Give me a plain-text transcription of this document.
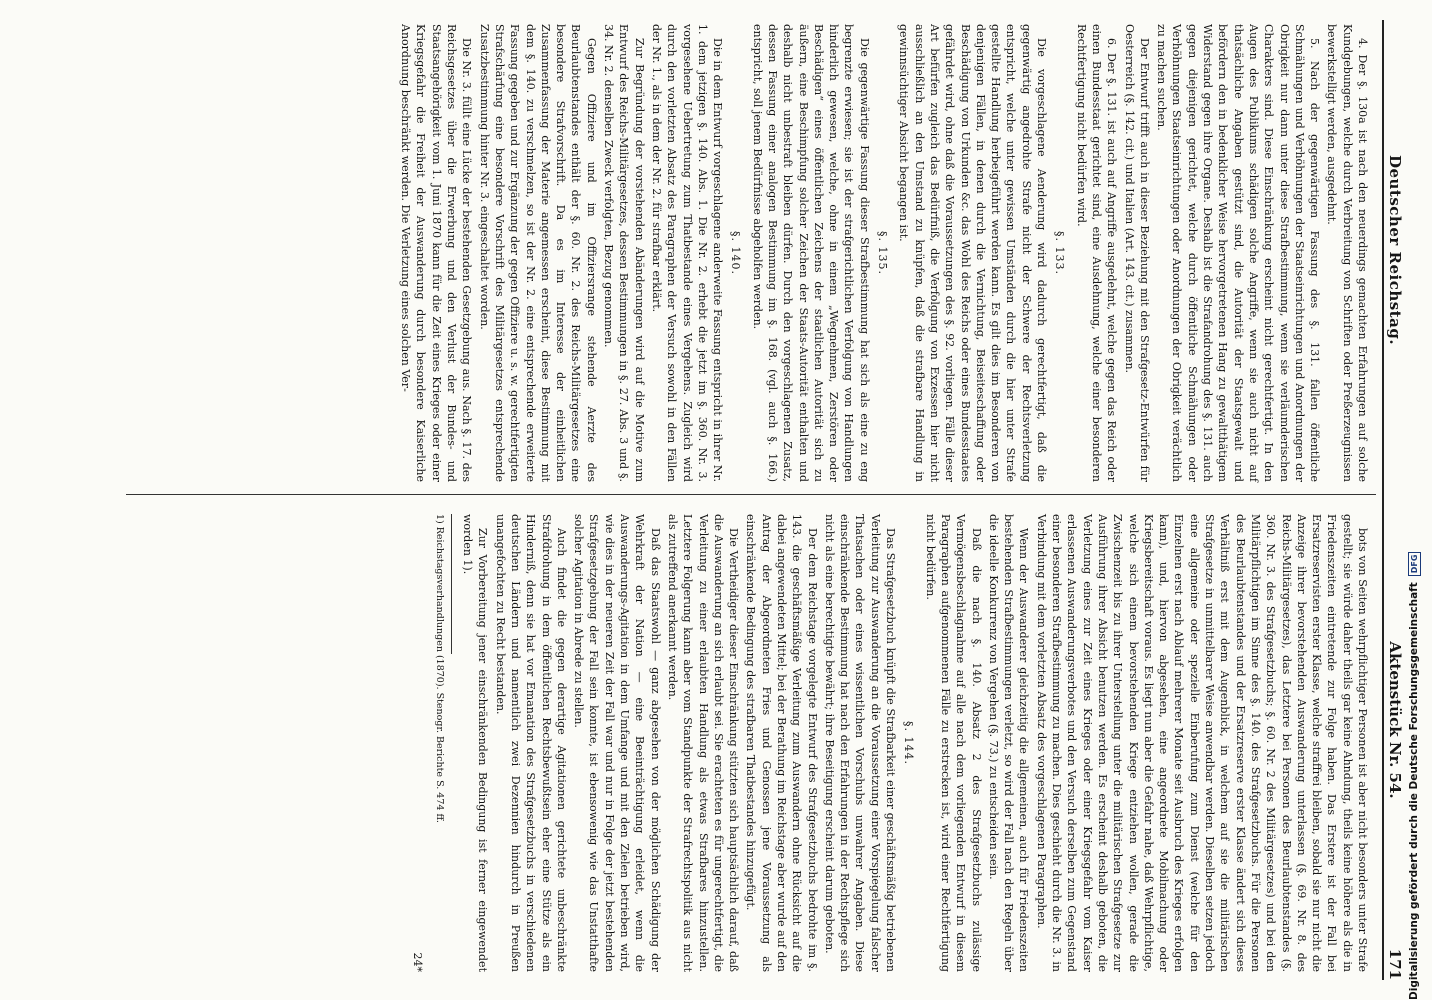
Deutscher Reichstag.
Aktenstück Nr. 54.
171

4. Der §. 130a ist nach den neuerdings gemachten Erfahrungen auf solche Kundgebungen, welche durch Verbreitung von Schriften oder Preßerzeugnissen bewerkstelligt werden, ausgedehnt.

5. Nach der gegenwärtigen Fassung des §. 131. fallen öffentliche Schmähungen und Verhöhnungen der Staatseinrichtungen und Anordnungen der Obrigkeit nur dann unter diese Strafbestimmung, wenn sie verläumderischen Charakters sind. Diese Einschränkung erscheint nicht gerechtfertigt. In den Augen des Publikums schädigen solche Angriffe, wenn sie auch nicht auf thatsächliche Angaben gestützt sind, die Autorität der Staatsgewalt und befördern den in bedenklicher Weise hervorgetretenen Hang zu gewaltthätigem Widerstand gegen ihre Organe. Deshalb ist die Strafandrohung des §. 131. auch gegen diejenigen gerichtet, welche durch öffentliche Schmähungen oder Verhöhnungen Staatseinrichtungen oder Anordnungen der Obrigkeit verächtlich zu machen suchen.

Der Entwurf trifft auch in dieser Beziehung mit den Strafgesetz-Entwürfen für Oesterreich (§. 142. cit.) und Italien (Art. 143. cit.) zusammen.

6. Der §. 131. ist auch auf Angriffe ausgedehnt, welche gegen das Reich oder einen Bundesstaat gerichtet sind, eine Ausdehnung, welche einer besonderen Rechtfertigung nicht bedürfen wird.

§. 133.

Die vorgeschlagene Aenderung wird dadurch gerechtfertigt, daß die gegenwärtig angedrohte Strafe nicht der Schwere der Rechtsverletzung entspricht, welche unter gewissen Umständen durch die hier unter Strafe gestellte Handlung herbeigeführt werden kann. Es gilt dies im Besonderen von denjenigen Fällen, in denen durch die Vernichtung, Beiseiteschaffung oder Beschädigung von Urkunden &c. das Wohl des Reichs oder eines Bundesstaates gefährdet wird, ohne daß die Voraussetzungen des §. 92. vorliegen. Fälle dieser Art befürfen zugleich das Bedürfniß, die Verfolgung von Exzessen hier nicht ausschließlich an den Umstand zu knüpfen, daß die strafbare Handlung in gewinnsüchtiger Absicht begangen ist.

§. 135.

Die gegenwärtige Fassung dieser Strafbestimmung hat sich als eine zu eng begrenzte erwiesen; sie ist der strafgerichtlichen Verfolgung von Handlungen hinderlich gewesen, welche, ohne in einem „Wegnehmen, Zerstören oder Beschädigen“ eines öffentlichen Zeichens der staatlichen Autorität sich zu äußern, eine Beschimpfung solcher Zeichen der Staats-Autorität enthalten und deshalb nicht unbestraft bleiben dürfen. Durch den vorgeschlagenen Zusatz, dessen Fassung einer analogen Bestimmung im §. 168. (vgl. auch §. 166.) entspricht, soll jenem Bedürfnisse abgeholfen werden.

§. 140.

Die in dem Entwurf vorgeschlagene anderweite Fassung entspricht in ihrer Nr. 1. dem jetzigen §. 140. Abs. 1. Die Nr. 2. erhebt die jetzt im §. 360. Nr. 3. vorgesehene Uebertretung zum Thatbestande eines Vergehens. Zugleich wird durch den vorletzten Absatz des Paragraphen der Versuch sowohl in den Fällen der Nr. 1., als in dem der Nr. 2. für strafbar erklärt.

Zur Begründung der vorstehenden Abänderungen wird auf die Motive zum Entwurf des Reichs-Militärgesetzes, dessen Bestimmungen in §. 27. Abs. 3 und §. 34. Nr. 2. denselben Zweck verfolgten, Bezug genommen.

Gegen Offiziere und im Offiziersrange stehende Aerzte des Beurlaubtenstandes enthält der §. 60. Nr. 2. des Reichs-Militärgesetzes eine besondere Strafvorschrift. Da es im Interesse der einheitlichen Zusammenfassung der Materie angemessen erscheint, diese Bestimmung mit dem §. 140. zu verschmelzen, so ist der Nr. 2. eine entsprechende erweiterte Fassung gegeben und zur Ergänzung der gegen Offiziere u. s. w. gerechtfertigten Strafschärfung eine besondere Vorschrift des Militärgesetzes entsprechende Zusatzbestimmung hinter Nr. 3. eingeschaltet worden.

Die Nr. 3. füllt eine Lücke der bestehenden Gesetzgebung aus. Nach §. 17. des Reichsgesetzes über die Erwerbung und den Verlust der Bundes- und Staatsangehörigkeit vom 1. Juni 1870 kann für die Zeit eines Krieges oder einer Kriegsgefahr die Freiheit der Auswanderung durch besondere Kaiserliche Anordnung beschränkt werden. Die Verletzung eines solchen Ver-

bots von Seiten wehrpflichtiger Personen ist aber nicht besonders unter Strafe gestellt; sie würde daher theils gar keine Ahndung, theils keine höhere als die in Friedenszeiten eintretende zur Folge haben. Das Erstere ist der Fall bei Ersatzreservisten erster Klasse, welche straffrei bleiben, sobald sie nur nicht die Anzeige ihrer bevorstehenden Auswanderung unterlassen (§. 69. Nr. 8. des Reichs-Militärgesetzes), das Letztere bei Personen des Beurlaubtenstandes (§. 360. Nr. 3. des Strafgesetzbuchs; §. 60. Nr. 2 des Militärgesetzes) und bei den Militärpflichtigen im Sinne des §. 140. des Strafgesetzbuchs. Für die Personen des Beurlaubtenstandes und der Ersatzreserve erster Klasse ändert sich dieses Verhältniß erst mit dem Augenblick, in welchem auf sie die militärischen Strafgesetze in unmittelbarer Weise anwendbar werden. Dieselben setzen jedoch eine allgemeine oder spezielle Einberufung zum Dienst (welche für den Einzelnen erst nach Ablauf mehrerer Monate seit Ausbruch des Krieges erfolgen kann), und, hiervon abgesehen, eine angeordnete Mobilmachung oder Kriegsbereitschaft voraus. Es liegt nun aber die Gefahr nahe, daß Wehrpflichtige, welche sich einem bevorstehenden Kriege entziehen wollen, gerade die Zwischenzeit bis zu ihrer Unterstellung unter die militärischen Strafgesetze zur Ausführung ihrer Absicht benutzen werden. Es erscheint deshalb geboten, die Verletzung eines zur Zeit eines Krieges oder einer Kriegsgefahr vom Kaiser erlassenen Auswanderungsverbotes und den Versuch derselben zum Gegenstand einer besonderen Strafbestimmung zu machen. Dies geschieht durch die Nr. 3. in Verbindung mit dem vorletzten Absatz des vorgeschlagenen Paragraphen.

Wenn der Auswanderer gleichzeitig die allgemeinen, auch für Friedenszeiten bestehenden Strafbestimmungen verletzt, so wird der Fall nach den Regeln über die ideelle Konkurrenz von Vergehen (§. 73.) zu entscheiden sein.

Daß die nach §. 140. Absatz 2 des Strafgesetzbuchs zulässige Vermögensbeschlagnahme auf alle nach dem vorliegenden Entwurf in diesem Paragraphen aufgenommenen Fälle zu erstrecken ist, wird einer Rechtfertigung nicht bedürfen.

§. 144.

Das Strafgesetzbuch knüpft die Strafbarkeit einer geschäftsmäßig betriebenen Verleitung zur Auswanderung an die Voraussetzung einer Vorspiegelung falscher Thatsachen oder eines wissentlichen Vorschubs unwahrer Angaben. Diese einschränkende Bestimmung hat nach den Erfahrungen in der Rechtspflege sich nicht als eine berechtigte bewährt; ihre Beseitigung erscheint darum geboten.

Der dem Reichstage vorgelegte Entwurf des Strafgesetzbuchs bedrohte im §. 143. die geschäftsmäßige Verleitung zum Auswandern ohne Rücksicht auf die dabei angewendeten Mittel; bei der Berathung im Reichstage aber wurde auf den Antrag der Abgeordneten Fries und Genossen jene Voraussetzung als einschränkende Bedingung des strafbaren Thatbestandes hinzugefügt.

Die Vertheidiger dieser Einschränkung stützten sich hauptsächlich darauf, daß die Auswanderung an sich erlaubt sei. Sie erachteten es für ungerechtfertigt, die Verleitung zu einer erlaubten Handlung als etwas Strafbares hinzustellen. Letztere Folgerung kann aber vom Standpunkte der Strafrechtspolitik aus nicht als zutreffend anerkannt werden.

Daß das Staatswohl — ganz abgesehen von der möglichen Schädigung der Wehrkraft der Nation — eine Beeinträchtigung erleidet, wenn die Auswanderungs-Agitation in dem Umfange und mit den Zielen betrieben wird, wie dies in der neueren Zeit der Fall war und nur in Folge der jetzt bestehenden Strafgesetzgebung der Fall sein konnte, ist ebensowenig wie das Unstatthafte solcher Agitation in Abrede zu stellen.

Auch findet die gegen derartige Agitationen gerichtete unbeschränkte Strafdrohung in dem öffentlichen Rechtsbewußtsein eher eine Stütze als ein Hinderniß, denn sie hat vor Emanation des Strafgesetzbuchs in verschiedenen deutschen Ländern und namentlich zwei Dezennien hindurch in Preußen unangefochten zu Recht bestanden.

Zur Vorbereitung jener einschränkenden Bedingung ist ferner eingewendet worden 1).

1) Reichstagsverhandlungen (1870). Stenogr. Berichte S. 474 ff.

24*	Digitalisierung gefördert durch die Deutsche Forschungsgemeinschaft
DFG
